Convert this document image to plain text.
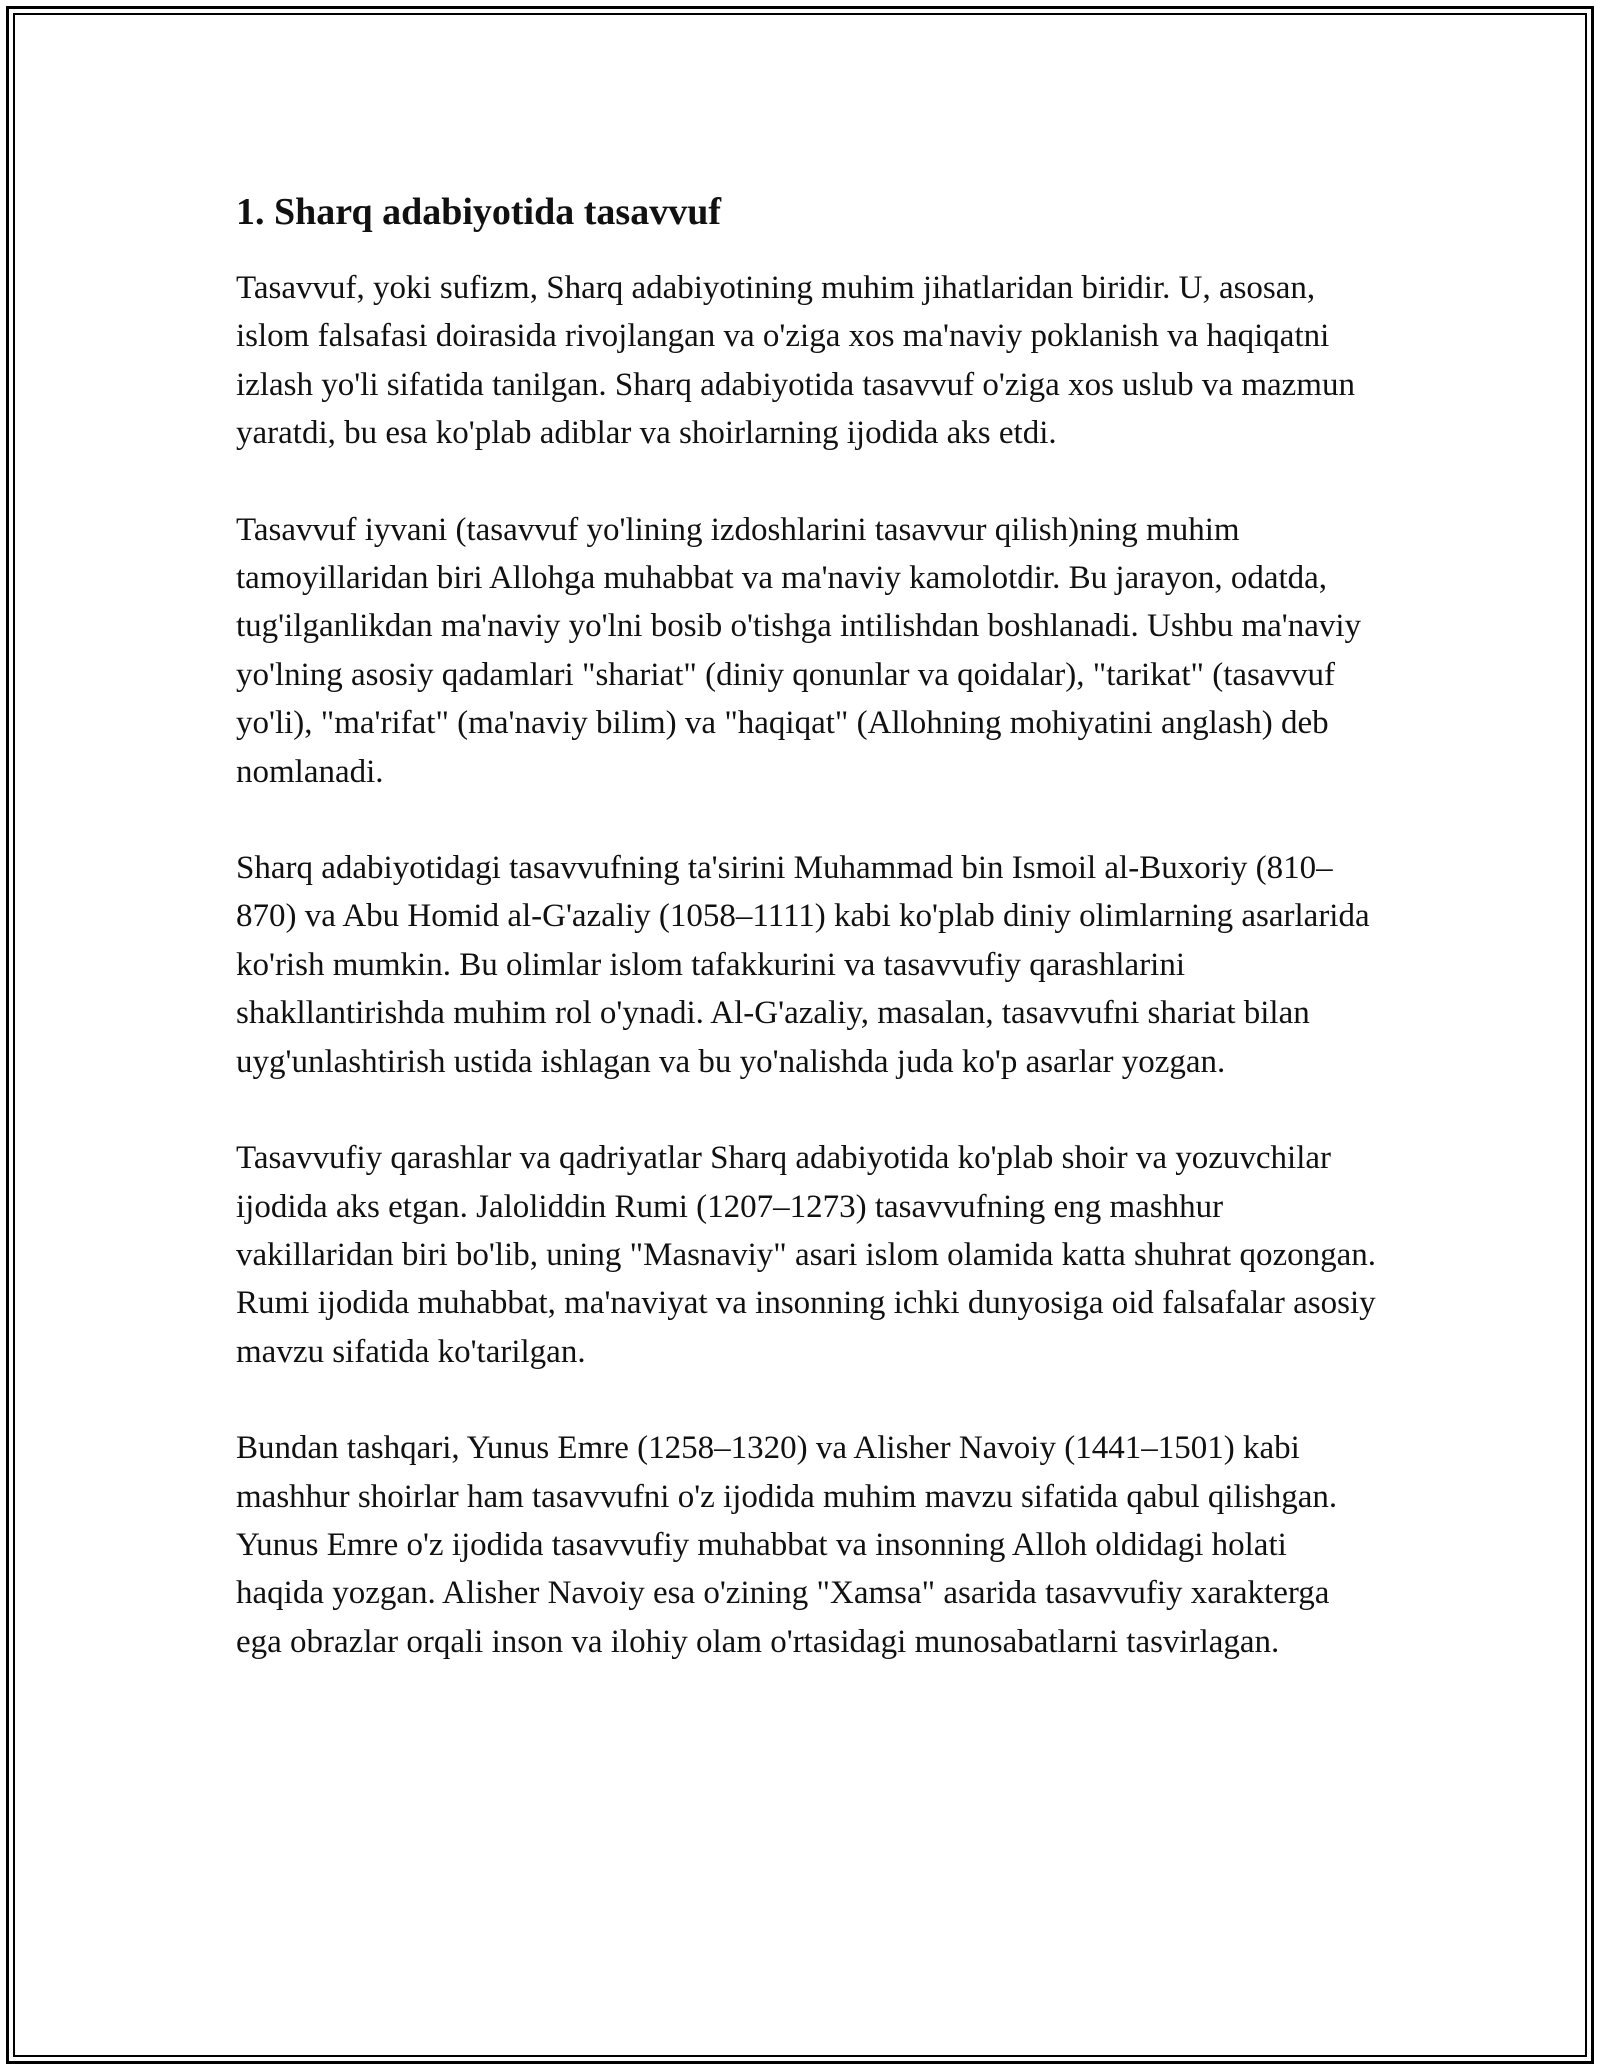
1. Sharq adabiyotida tasavvuf

Tasavvuf, yoki sufizm, Sharq adabiyotining muhim jihatlaridan biridir. U, asosan, islom falsafasi doirasida rivojlangan va o'ziga xos ma'naviy poklanish va haqiqatni izlash yo'li sifatida tanilgan. Sharq adabiyotida tasavvuf o'ziga xos uslub va mazmun yaratdi, bu esa ko'plab adiblar va shoirlarning ijodida aks etdi.

Tasavvuf iyvani (tasavvuf yo'lining izdoshlarini tasavvur qilish)ning muhim tamoyillaridan biri Allohga muhabbat va ma'naviy kamolotdir. Bu jarayon, odatda, tug'ilganlikdan ma'naviy yo'lni bosib o'tishga intilishdan boshlanadi. Ushbu ma'naviy yo'lning asosiy qadamlari "shariat" (diniy qonunlar va qoidalar), "tarikat" (tasavvuf yo'li), "ma'rifat" (ma'naviy bilim) va "haqiqat" (Allohning mohiyatini anglash) deb nomlanadi.

Sharq adabiyotidagi tasavvufning ta'sirini Muhammad bin Ismoil al-Buxoriy (810–870) va Abu Homid al-G'azaliy (1058–1111) kabi ko'plab diniy olimlarning asarlarida ko'rish mumkin. Bu olimlar islom tafakkurini va tasavvufiy qarashlarini shakllantirishda muhim rol o'ynadi. Al-G'azaliy, masalan, tasavvufni shariat bilan uyg'unlashtirish ustida ishlagan va bu yo'nalishda juda ko'p asarlar yozgan.

Tasavvufiy qarashlar va qadriyatlar Sharq adabiyotida ko'plab shoir va yozuvchilar ijodida aks etgan. Jaloliddin Rumi (1207–1273) tasavvufning eng mashhur vakillaridan biri bo'lib, uning "Masnaviy" asari islom olamida katta shuhrat qozongan. Rumi ijodida muhabbat, ma'naviyat va insonning ichki dunyosiga oid falsafalar asosiy mavzu sifatida ko'tarilgan.

Bundan tashqari, Yunus Emre (1258–1320) va Alisher Navoiy (1441–1501) kabi mashhur shoirlar ham tasavvufni o'z ijodida muhim mavzu sifatida qabul qilishgan. Yunus Emre o'z ijodida tasavvufiy muhabbat va insonning Alloh oldidagi holati haqida yozgan. Alisher Navoiy esa o'zining "Xamsa" asarida tasavvufiy xarakterga ega obrazlar orqali inson va ilohiy olam o'rtasidagi munosabatlarni tasvirlagan.
